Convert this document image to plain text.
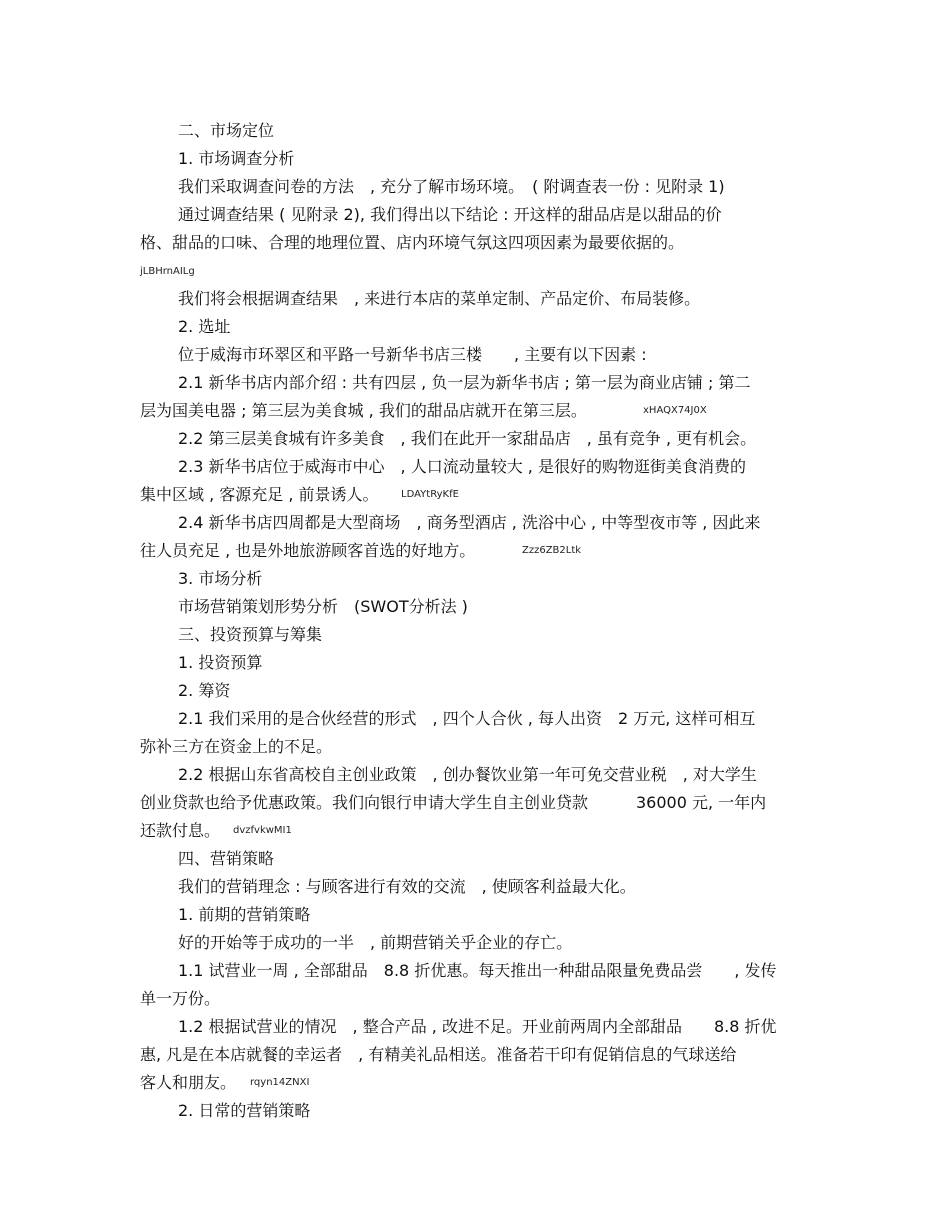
二、市场定位
1. 市场调查分析
我们采取调查问卷的方法　, 充分了解市场环境。　( 附调查表一份 : 见附录 1)
通过调查结果 ( 见附录 2), 我们得出以下结论 : 开这样的甜品店是以甜品的价
格、甜品的口味、合理的地理位置、店内环境气氛这四项因素为最要依据的。
jLBHrnAILg
我们将会根据调查结果　, 来进行本店的菜单定制、产品定价、布局装修。
2. 选址
位于威海市环翠区和平路一号新华书店三楼　　, 主要有以下因素 :
2.1 新华书店内部介绍 : 共有四层 , 负一层为新华书店 ; 第一层为商业店铺 ; 第二
层为国美电器 ; 第三层为美食城 , 我们的甜品店就开在第三层。	xHAQX74J0X
2.2 第三层美食城有许多美食　, 我们在此开一家甜品店　, 虽有竞争 , 更有机会。
2.3 新华书店位于威海市中心　, 人口流动量较大 , 是很好的购物逛街美食消费的
集中区域 , 客源充足 , 前景诱人。 LDAYtRyKfE
2.4 新华书店四周都是大型商场　, 商务型酒店 , 洗浴中心 , 中等型夜市等 , 因此来
往人员充足 , 也是外地旅游顾客首选的好地方。	Zzz6ZB2Ltk
3. 市场分析
市场营销策划形势分析　(SWOT分析法 )
三、投资预算与筹集
1. 投资预算
2. 筹资
2.1 我们采用的是合伙经营的形式　, 四个人合伙 , 每人出资　2 万元, 这样可相互
弥补三方在资金上的不足。
2.2 根据山东省高校自主创业政策　, 创办餐饮业第一年可免交营业税　, 对大学生
创业贷款也给予优惠政策。我们向银行申请大学生自主创业贷款　　　36000 元, 一年内
还款付息。 dvzfvkwMI1
四、营销策略
我们的营销理念 : 与顾客进行有效的交流　, 使顾客利益最大化。
1. 前期的营销策略
好的开始等于成功的一半　, 前期营销关乎企业的存亡。
1.1 试营业一周 , 全部甜品　8.8 折优惠。每天推出一种甜品限量免费品尝　　, 发传
单一万份。
1.2 根据试营业的情况　, 整合产品 , 改进不足。开业前两周内全部甜品　　8.8 折优
惠, 凡是在本店就餐的幸运者　, 有精美礼品相送。准备若干印有促销信息的气球送给
客人和朋友。 rqyn14ZNXI
2. 日常的营销策略
